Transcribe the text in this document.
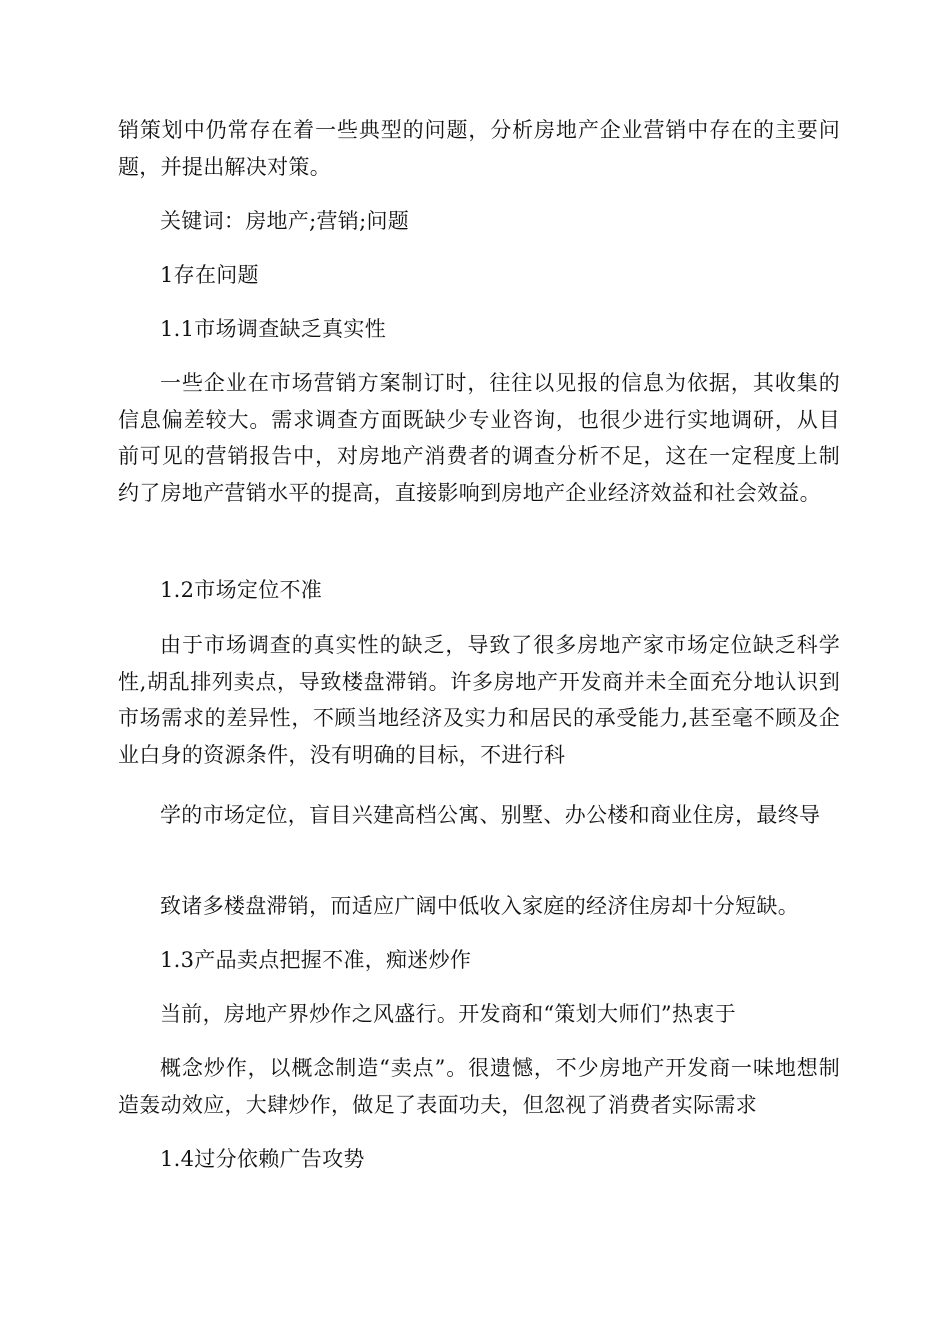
销策划中仍常存在着一些典型的问题，分析房地产企业营销中存在的主要问题，并提出解决对策。

关键词：房地产;营销;问题

1存在问题

1.1市场调查缺乏真实性

一些企业在市场营销方案制订时，往往以见报的信息为依据，其收集的信息偏差较大。需求调查方面既缺少专业咨询，也很少进行实地调研，从目前可见的营销报告中，对房地产消费者的调查分析不足，这在一定程度上制约了房地产营销水平的提高，直接影响到房地产企业经济效益和社会效益。

1.2市场定位不准

由于市场调查的真实性的缺乏，导致了很多房地产家市场定位缺乏科学性,胡乱排列卖点，导致楼盘滞销。许多房地产开发商并未全面充分地认识到市场需求的差异性，不顾当地经济及实力和居民的承受能力,甚至毫不顾及企业白身的资源条件，没有明确的目标，不进行科

学的市场定位，盲目兴建高档公寓、别墅、办公楼和商业住房，最终导

致诸多楼盘滞销，而适应广阔中低收入家庭的经济住房却十分短缺。

1.3产品卖点把握不准，痴迷炒作

当前，房地产界炒作之风盛行。开发商和“策划大师们”热衷于

概念炒作，以概念制造“卖点”。很遗憾，不少房地产开发商一味地想制造轰动效应，大肆炒作，做足了表面功夫，但忽视了消费者实际需求

1.4过分依赖广告攻势
